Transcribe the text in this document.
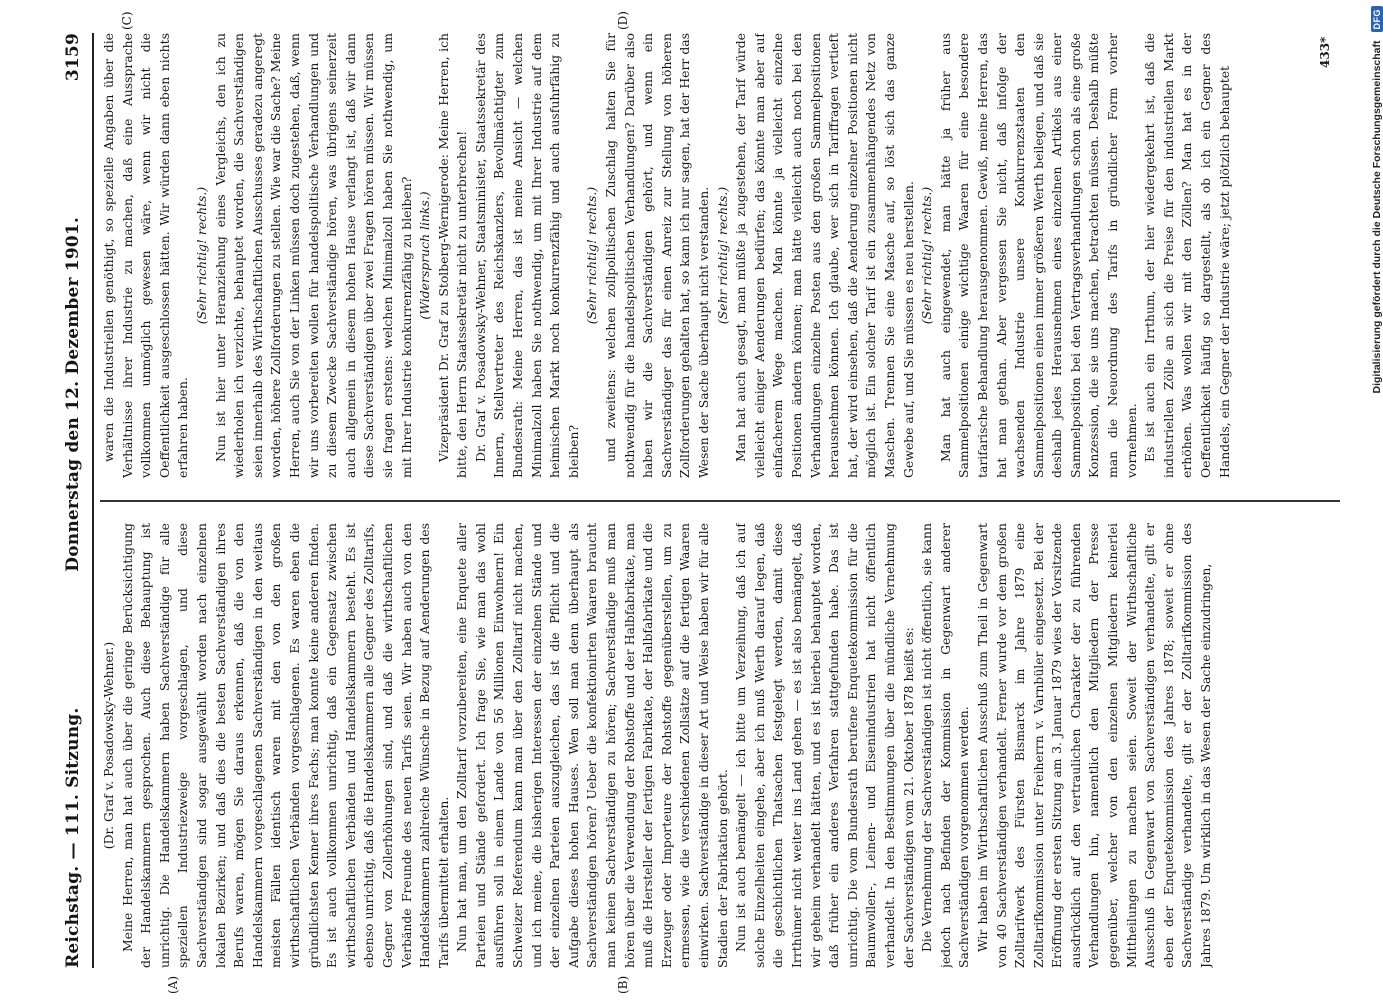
Reichstag. — 111. Sitzung.
Donnerstag den 12. Dezember 1901.
3159
(A)	(B)
(C)	(D)

(Dr. Graf v. Posadowsky-Wehner.) Meine Herren, man hat auch über die geringe Berücksichtigung der Handelskammern gesprochen. Auch diese Behauptung ist unrichtig. Die Handelskammern haben Sachverständige für alle speziellen Industriezweige vorgeschlagen, und diese Sachverständigen sind sogar ausgewählt worden nach einzelnen lokalen Bezirken; und daß dies die besten Sachverständigen ihres Berufs waren, mögen Sie daraus erkennen, daß die von den Handelskammern vorgeschlagenen Sachverständigen in den weitaus meisten Fällen identisch waren mit den von den großen wirthschaftlichen Verbänden vorgeschlagenen. Es waren eben die gründlichsten Kenner ihres Fachs; man konnte keine anderen finden. Es ist auch vollkommen unrichtig, daß ein Gegensatz zwischen wirthschaftlichen Verbänden und Handelskammern besteht. Es ist ebenso unrichtig, daß die Handelskammern alle Gegner des Zolltarifs, Gegner von Zollerhöhungen sind, und daß die wirthschaftlichen Verbände Freunde des neuen Tarifs seien. Wir haben auch von den Handelskammern zahlreiche Wünsche in Bezug auf Aenderungen des Tarifs übermittelt erhalten. Nun hat man, um den Zolltarif vorzubereiten, eine Enquete aller Parteien und Stände gefordert. Ich frage Sie, wie man das wohl ausführen soll in einem Lande von 56 Millionen Einwohnern! Ein Schweizer Referendum kann man über den Zolltarif nicht machen, und ich meine, die bisherigen Interessen der einzelnen Stände und der einzelnen Parteien auszugleichen, das ist die Pflicht und die Aufgabe dieses hohen Hauses. Wen soll man denn überhaupt als Sachverständigen hören? Ueber die konfektionirten Waaren braucht man keinen Sachverständigen zu hören; Sachverständige muß man hören über die Verwendung der Rohstoffe und der Halbfabrikate, man muß die Hersteller der fertigen Fabrikate, der Halbfabrikate und die Erzeuger oder Importeure der Rohstoffe gegenüberstellen, um zu ermessen, wie die verschiedenen Zollsätze auf die fertigen Waaren einwirken. Sachverständige in dieser Art und Weise haben wir für alle Stadien der Fabrikation gehört. Nun ist auch bemängelt — ich bitte um Verzeihung, daß ich auf solche Einzelheiten eingehe, aber ich muß Werth darauf legen, daß die geschichtlichen Thatsachen festgelegt werden, damit diese Irrthümer nicht weiter ins Land gehen — es ist also bemängelt, daß wir geheim verhandelt hätten, und es ist hierbei behauptet worden, daß früher ein anderes Verfahren stattgefunden habe. Das ist unrichtig. Die vom Bundesrath berufene Enquetekommission für die Baumwollen-, Leinen- und Eisenindustrien hat nicht öffentlich verhandelt. In den Bestimmungen über die mündliche Vernehmung der Sachverständigen vom 21. Oktober 1878 heißt es: Die Vernehmung der Sachverständigen ist nicht öffentlich, sie kann jedoch nach Befinden der Kommission in Gegenwart anderer Sachverständigen vorgenommen werden. Wir haben im Wirthschaftlichen Ausschuß zum Theil in Gegenwart von 40 Sachverständigen verhandelt. Ferner wurde vor dem großen Zolltarifwerk des Fürsten Bismarck im Jahre 1879 eine Zolltarifkommission unter Freiherrn v. Varnbüler eingesetzt. Bei der Eröffnung der ersten Sitzung am 3. Januar 1879 wies der Vorsitzende ausdrücklich auf den vertraulichen Charakter der zu führenden Verhandlungen hin, namentlich den Mitgliedern der Presse gegenüber, welcher von den einzelnen Mitgliedern keinerlei Mittheilungen zu machen seien. Soweit der Wirthschaftliche Ausschuß in Gegenwart von Sachverständigen verhandelte, gilt er eben der Enquetekommission des Jahres 1878; soweit er ohne Sachverständige verhandelte, gilt er der Zolltarifkommission des Jahres 1879. Um wirklich in das Wesen der Sache einzudringen,

waren die Industriellen genöthigt, so spezielle Angaben über die Verhältnisse ihrer Industrie zu machen, daß eine Aussprache vollkommen unmöglich gewesen wäre, wenn wir nicht die Oeffentlichkeit ausgeschlossen hätten. Wir würden dann eben nichts erfahren haben.

(Sehr richtig! rechts.) Nun ist hier unter Heranziehung eines Vergleichs, den ich zu wiederholen ich verzichte, behauptet worden, die Sachverständigen seien innerhalb des Wirthschaftlichen Ausschusses geradezu angeregt worden, höhere Zollforderungen zu stellen. Wie war die Sache? Meine Herren, auch Sie von der Linken müssen doch zugestehen, daß, wenn wir uns vorbereiten wollen für handelspolitische Verhandlungen und zu diesem Zwecke Sachverständige hören, was übrigens seinerzeit auch allgemein in diesem hohen Hause verlangt ist, daß wir dann diese Sachverständigen über zwei Fragen hören müssen. Wir müssen sie fragen erstens: welchen Minimalzoll haben Sie nothwendig, um mit Ihrer Industrie konkurrenzfähig zu bleiben? (Widerspruch links.) Vizepräsident Dr. Graf zu Stolberg-Wernigerode: Meine Herren, ich bitte, den Herrn Staatssekretär nicht zu unterbrechen! Dr. Graf v. Posadowsky-Wehner, Staatsminister, Staatssekretär des Innern, Stellvertreter des Reichskanzlers, Bevollmächtigter zum Bundesrath: Meine Herren, das ist meine Ansicht — welchen Minimalzoll haben Sie nothwendig, um mit Ihrer Industrie auf dem heimischen Markt noch konkurrenzfähig und auch ausfuhrfähig zu bleiben?

(Sehr richtig! rechts.) und zweitens: welchen zollpolitischen Zuschlag halten Sie für nothwendig für die handelspolitischen Verhandlungen? Darüber also haben wir die Sachverständigen gehört, und wenn ein Sachverständiger das für einen Anreiz zur Stellung von höheren Zollforderungen gehalten hat, so kann ich nur sagen, hat der Herr das Wesen der Sache überhaupt nicht verstanden. (Sehr richtig! rechts.) Man hat auch gesagt, man müßte ja zugestehen, der Tarif würde vielleicht einiger Aenderungen bedürfen; das könnte man aber auf einfacherem Wege machen. Man könnte ja vielleicht einzelne Positionen ändern können; man hätte vielleicht auch noch bei den Verhandlungen einzelne Posten aus den großen Sammelpositionen herausnehmen können. Ich glaube, wer sich in Tariffragen vertieft hat, der wird einsehen, daß die Aenderung einzelner Positionen nicht möglich ist. Ein solcher Tarif ist ein zusammenhängendes Netz von Maschen. Trennen Sie eine Masche auf, so löst sich das ganze Gewebe auf, und Sie müssen es neu herstellen. (Sehr richtig! rechts.) Man hat auch eingewendet, man hätte ja früher aus Sammelpositionen einige wichtige Waaren für eine besondere tarifarische Behandlung herausgenommen. Gewiß, meine Herren, das hat man gethan. Aber vergessen Sie nicht, daß infolge der wachsenden Industrie unsere Konkurrenzstaaten den Sammelpositionen einen immer größeren Werth beilegen, und daß sie deshalb jedes Herausnehmen eines einzelnen Artikels aus einer Sammelposition bei den Vertragsverhandlungen schon als eine große Konzession, die sie uns machen, betrachten müssen. Deshalb müßte man die Neuordnung des Tarifs in gründlicher Form vorher vornehmen. Es ist auch ein Irrthum, der hier wiedergekehrt ist, daß die industriellen Zölle an sich die Preise für den industriellen Markt erhöhen. Was wollen wir mit den Zöllen? Man hat es in der Oeffentlichkeit häufig so dargestellt, als ob ich ein Gegner des Handels, ein Gegner der Industrie wäre; jetzt plötzlich behauptet

433*	Digitalisierung gefördert durch die Deutsche Forschungsgemeinschaft
DFG
